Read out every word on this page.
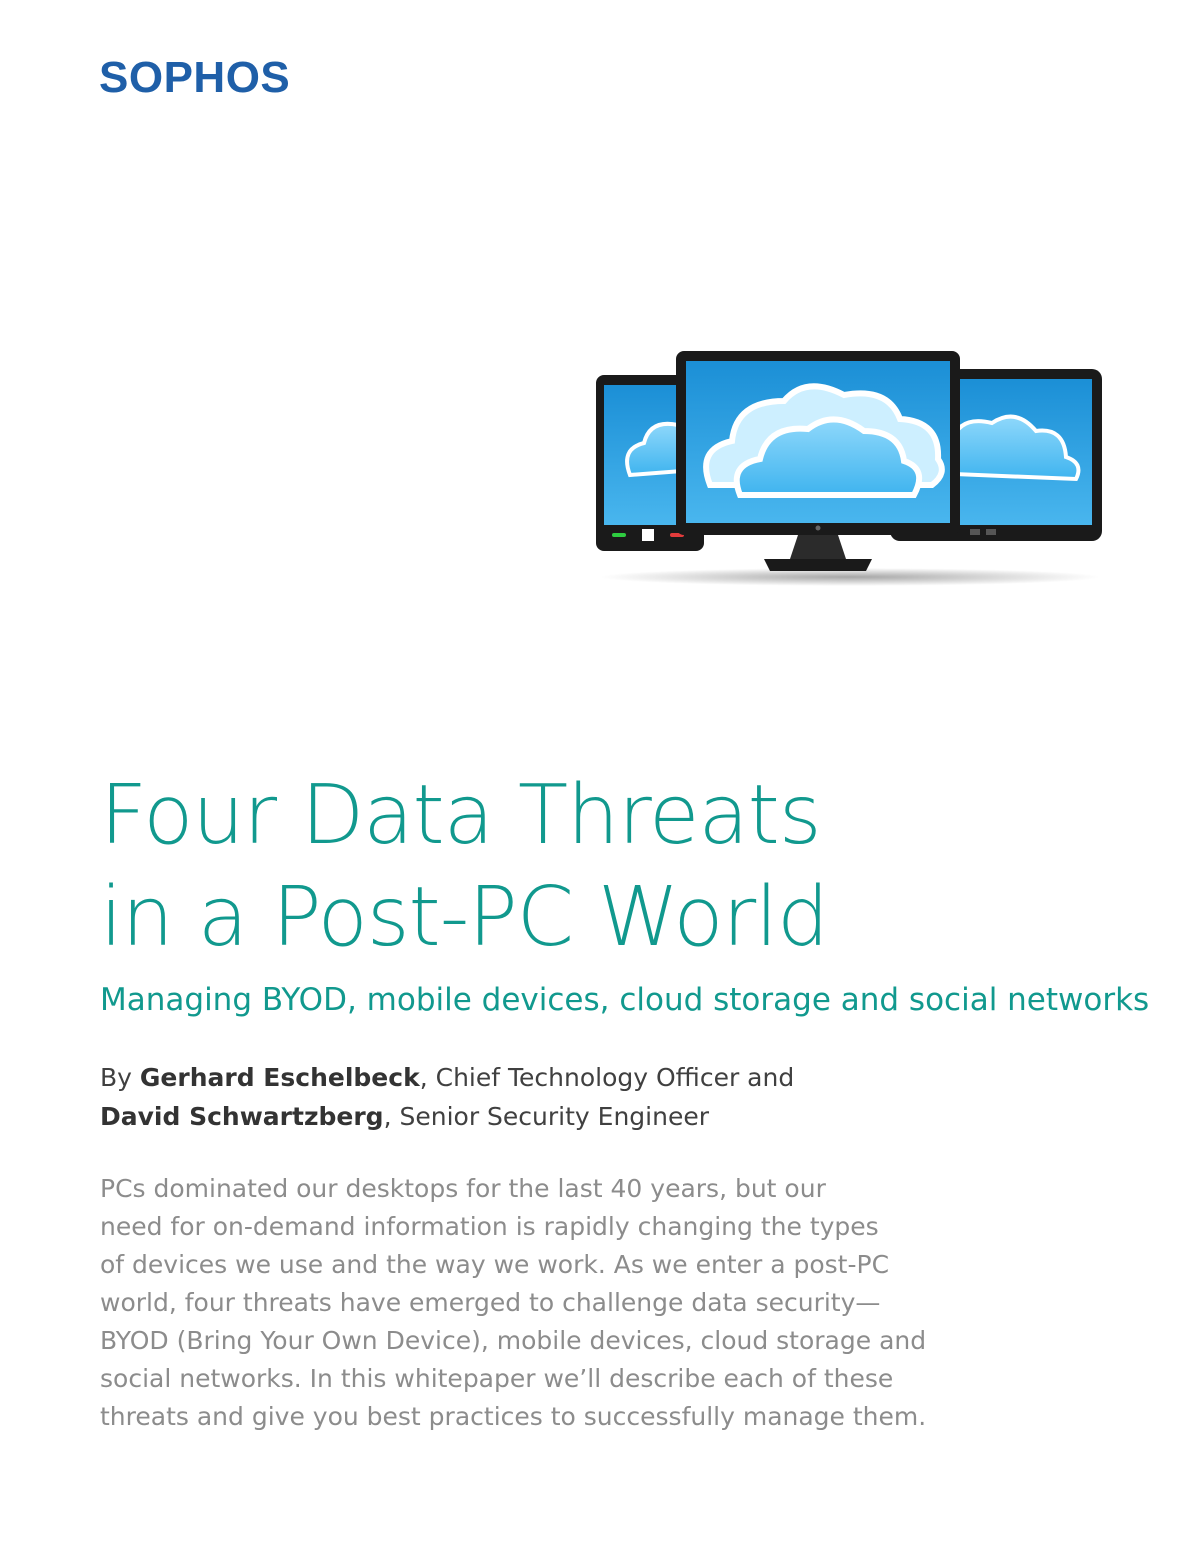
SOPHOS
Four Data Threats
in a Post-PC World
Managing BYOD, mobile devices, cloud storage and social networks
By Gerhard Eschelbeck, Chief Technology Officer and
David Schwartzberg, Senior Security Engineer
PCs dominated our desktops for the last 40 years, but our
need for on-demand information is rapidly changing the types
of devices we use and the way we work. As we enter a post-PC
world, four threats have emerged to challenge data security—
BYOD (Bring Your Own Device), mobile devices, cloud storage and
social networks. In this whitepaper we’ll describe each of these
threats and give you best practices to successfully manage them.
